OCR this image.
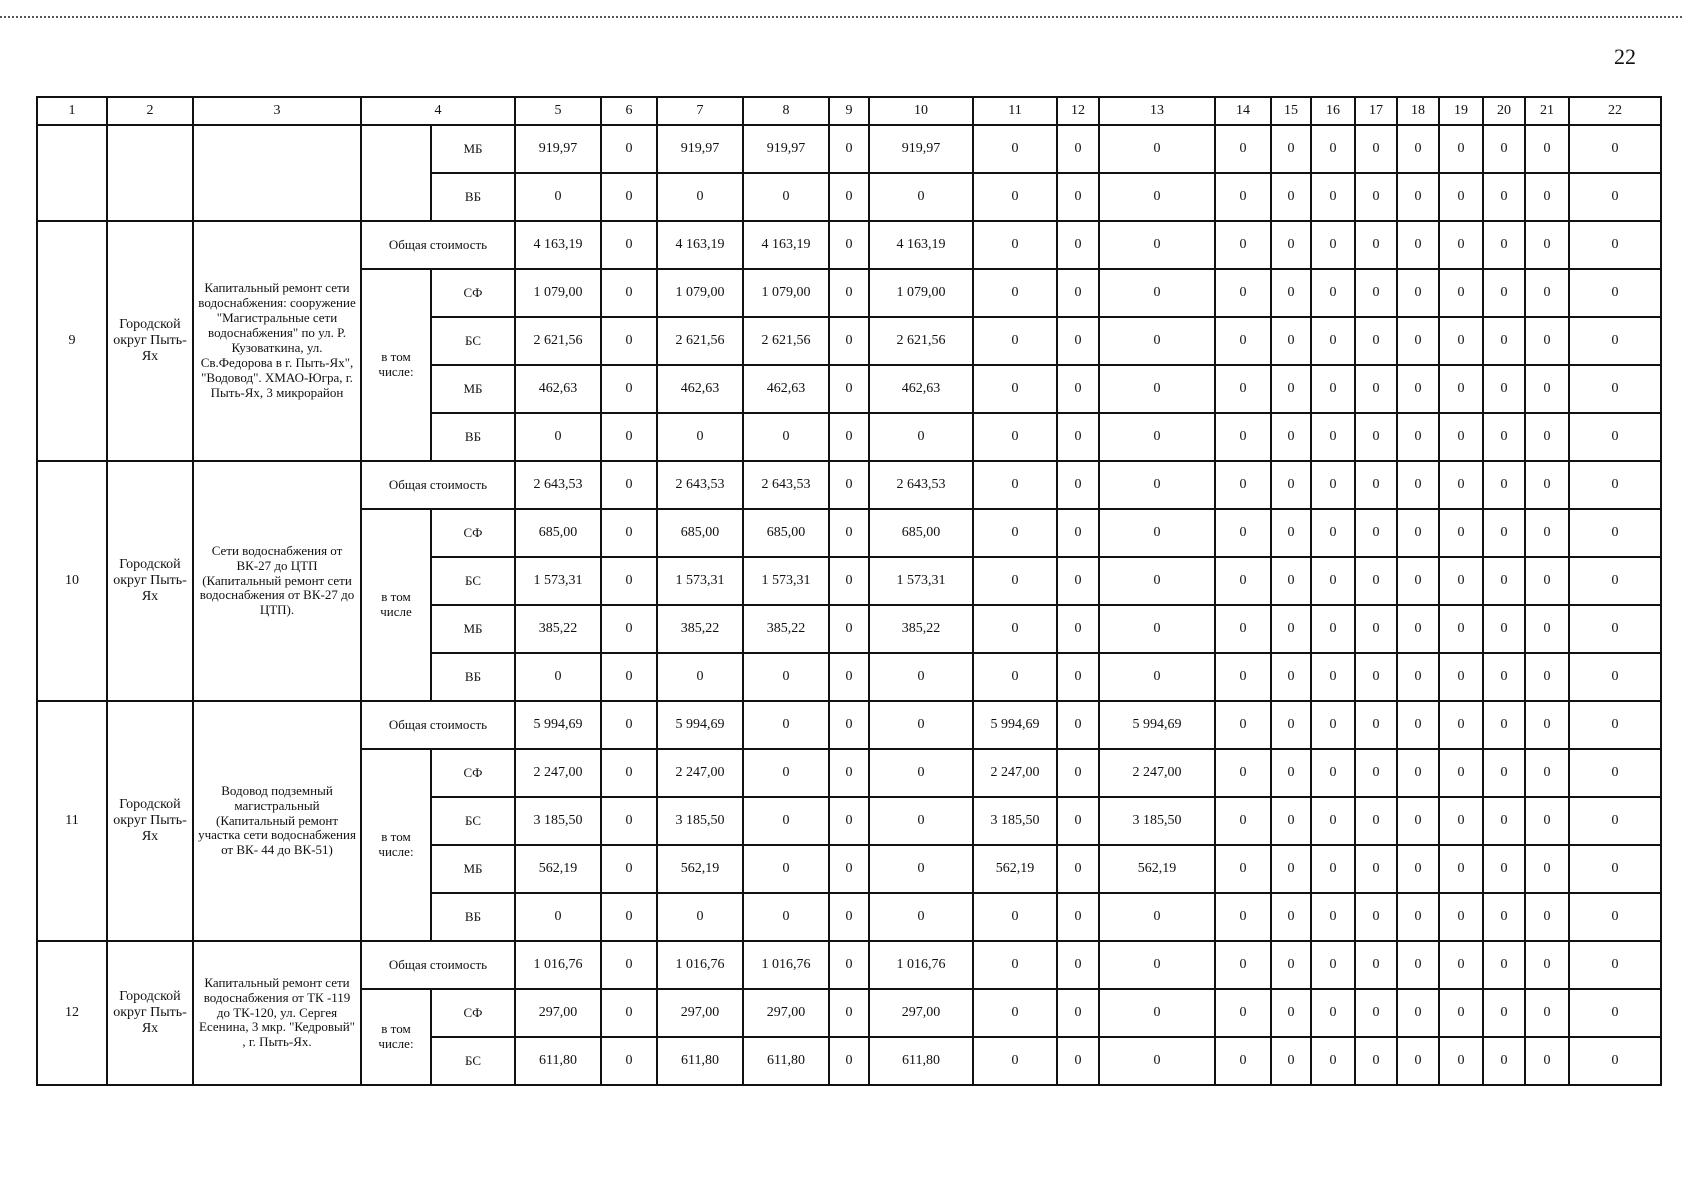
22
1	2	3	4		5	6	7	8	9	10	11	12	13	14	15	16	17	18	19	20	21	22
				МБ	919,97	0	919,97	919,97	0	919,97	0	0	0	0	0	0	0	0	0	0	0	0
				ВБ	0	0	0	0	0	0	0	0	0	0	0	0	0	0	0	0	0	0
9	Городской округ Пыть-Ях	Капитальный ремонт сети водоснабжения: сооружение "Магистральные сети водоснабжения" по ул. Р. Кузоваткина, ул. Св.Федорова в г. Пыть-Ях", "Водовод". ХМАО-Югра, г. Пыть-Ях, 3 микрорайон	Общая стоимость		4 163,19	0	4 163,19	4 163,19	0	4 163,19	0	0	0	0	0	0	0	0	0	0	0	0
			в том числе:	СФ	1 079,00	0	1 079,00	1 079,00	0	1 079,00	0	0	0	0	0	0	0	0	0	0	0	0
				БС	2 621,56	0	2 621,56	2 621,56	0	2 621,56	0	0	0	0	0	0	0	0	0	0	0	0
				МБ	462,63	0	462,63	462,63	0	462,63	0	0	0	0	0	0	0	0	0	0	0	0
				ВБ	0	0	0	0	0	0	0	0	0	0	0	0	0	0	0	0	0	0
10	Городской округ Пыть-Ях	Сети водоснабжения от ВК-27 до ЦТП (Капитальный ремонт сети водоснабжения от ВК-27 до ЦТП).	Общая стоимость		2 643,53	0	2 643,53	2 643,53	0	2 643,53	0	0	0	0	0	0	0	0	0	0	0	0
			в том числе	СФ	685,00	0	685,00	685,00	0	685,00	0	0	0	0	0	0	0	0	0	0	0	0
				БС	1 573,31	0	1 573,31	1 573,31	0	1 573,31	0	0	0	0	0	0	0	0	0	0	0	0
				МБ	385,22	0	385,22	385,22	0	385,22	0	0	0	0	0	0	0	0	0	0	0	0
				ВБ	0	0	0	0	0	0	0	0	0	0	0	0	0	0	0	0	0	0
11	Городской округ Пыть-Ях	Водовод подземный магистральный (Капитальный ремонт участка сети водоснабжения от ВК- 44 до ВК-51)	Общая стоимость		5 994,69	0	5 994,69	0	0	0	5 994,69	0	5 994,69	0	0	0	0	0	0	0	0	0
			в том числе:	СФ	2 247,00	0	2 247,00	0	0	0	2 247,00	0	2 247,00	0	0	0	0	0	0	0	0	0
				БС	3 185,50	0	3 185,50	0	0	0	3 185,50	0	3 185,50	0	0	0	0	0	0	0	0	0
				МБ	562,19	0	562,19	0	0	0	562,19	0	562,19	0	0	0	0	0	0	0	0	0
				ВБ	0	0	0	0	0	0	0	0	0	0	0	0	0	0	0	0	0	0
12	Городской округ Пыть-Ях	Капитальный ремонт сети водоснабжения от ТК -119 до ТК-120, ул. Сергея Есенина, 3 мкр. "Кедровый" , г. Пыть-Ях.	Общая стоимость		1 016,76	0	1 016,76	1 016,76	0	1 016,76	0	0	0	0	0	0	0	0	0	0	0	0
			в том числе:	СФ	297,00	0	297,00	297,00	0	297,00	0	0	0	0	0	0	0	0	0	0	0	0
				БС	611,80	0	611,80	611,80	0	611,80	0	0	0	0	0	0	0	0	0	0	0	0
